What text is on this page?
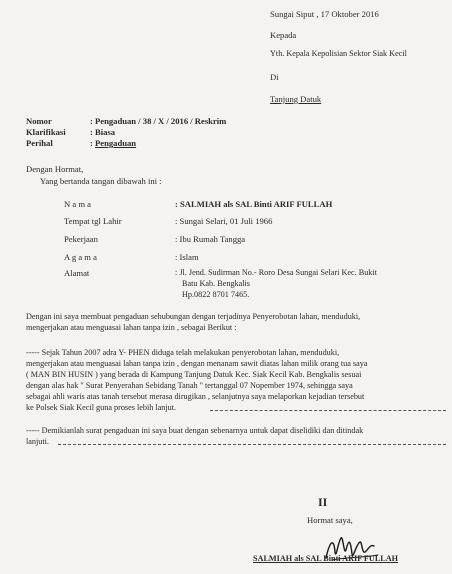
Sungai Siput , 17 Oktober 2016
Kepada
Yth. Kepala Kepolisian Sektor Siak Kecil
Di
Tanjung Datuk
Nomor	: Pengaduan / 38 / X / 2016 / Reskrim
Klarifikasi	: Biasa
Perihal	: Pengaduan
Dengan Hormat,
Yang bertanda tangan dibawah ini :
N a m a	: SALMIAH als SAL Binti ARIF FULLAH
Tempat tgl Lahir	: Sungai Selari, 01 Juli 1966
Pekerjaan	: Ibu Rumah Tangga
A g a m a	: Islam
Alamat	: Jl. Jend. Sudirman No.- Roro Desa Sungai Selari Kec. Bukit
Batu Kab. Bengkalis
Hp.0822 8701 7465.
Dengan ini saya membuat pengaduan sehubungan dengan terjadinya Penyerobotan lahan, menduduki,
mengerjakan atau menguasai lahan tanpa izin , sebagai Berikut :
----- Sejak Tahun 2007 adra Y- PHEN diduga telah melakukan penyerobotan lahan, menduduki,
mengerjakan atau menguasai lahan tanpa izin , dengan menanam sawit diatas lahan milik orang tua saya
( MAN BIN HUSIN ) yang berada di Kampung Tanjung Datuk Kec. Siak Kecil Kab. Bengkalis sesuai
dengan alas hak " Surat Penyerahan Sebidang Tanah " tertanggal 07 Nopember 1974, sehingga saya
sebagai ahli waris atas tanah tersebut merasa dirugikan , selanjutnya saya melaporkan kejadian tersebut
ke Polsek Siak Kecil guna proses lebih lanjut.
----- Demikianlah surat pengaduan ini saya buat dengan sebenarnya untuk dapat diselidiki dan ditindak
lanjuti.
II
Hormat saya,
SALMIAH als SAL Binti ARIF FULLAH
